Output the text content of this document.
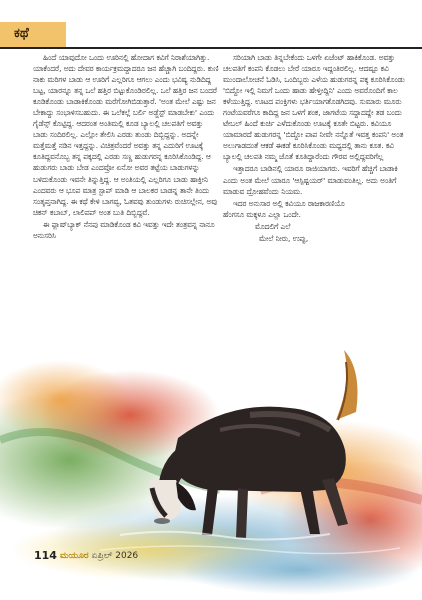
ಕಥೆ

ಹಿಂದೆ ಯಾವುದೋ ಒಂದು ಊರಿನಲ್ಲಿ ಹೋದಾಗ ಕವಿಗೆ ನಿರಾಶೆಯಾಗಿತ್ತು. ಯಾಕೆಂದರೆ, ಅದು ದೇವರ ಕಾರ್ಯಕ್ರಮದ್ದಾದರೂ ಜನ ಹೆಚ್ಚಾಗಿ ಬಂದಿದ್ದರು. ಕುಣಿ ನಾಕು ಮರಿಗಳ ಬಾಡು ಆ ಊರಿಗೆ ಎಲ್ಲರಿಗೂ ಆಗಲು ಎಂದು ಭವಿಷ್ಯ ನುಡಿದಿದ್ದ ಬಟ್ಟ, ಯಾರನ್ನೂ ತನ್ನ ಒಲೆ ಹತ್ತಿರ ಬಿಟ್ಟುಕೊಂಡಿರಲಿಲ್ಲ. ಒಲೆ ಹತ್ತಿರ ಜನ ಬಂದರೆ ಕೂಡಿಕೊಂಡು ಬಾಡಾಕಿಕೊಂಡು ಮರೆಗೋಗಿಬಿಡುತ್ತಾರೆ. 'ಅಂತ ಮೇಲೆ ಎಷ್ಟು ಜನ ಬೇಕಾದ್ದು ಸಂಭಾಳಿಸಬಹುದು. ಈ ಒಲೆಕಲ್ಲೆ ಬರ್ಲಿ ಅಡ್ಜೆಸ್ಟ್ ಮಾಡಬೇಕು' ಎಂದು ಗೈಡೆನ್ಸ್ ಕೊಟ್ಟಿದ್ದ. ಆದರಂತ ಅಂತಿಮಲ್ಲಿ ಕೂಡ ಬ್ಯಾಲಲ್ಲಿ ಚಲಪತಿಗೆ ಅವತ್ತು ಬಾಡು ಸಂದಿರಲಿಲ್ಲ. ಎಲ್ಲೋ ತೇಲಿಸಿ ಎರಡು ತುಂಡು ದಿಬ್ಬಿದ್ದನ್ನು. ಅದನ್ನೇ ಮತ್ತೆಮತ್ತೆ ನಡಿನ ಇತ್ತದ್ದನ್ನು. ವಿಚಿತ್ರವೆಂದರೆ ಅವತ್ತು ತನ್ನ ಎದುರಿಗೆ ಊಟಕ್ಕೆ ಕೂತಿದ್ದವನೊಬ್ಬ ತನ್ನ ಪಕ್ಕದಲ್ಲಿ ಎರಡು ಸಣ್ಣ ಹುಡುಗರನ್ನ ಕೂರಿಸಿಕೊಂಡಿದ್ದ. ಆ ಹುಡುಗರು ಬಾಡು ಬೇಡ ಎಂದವ್ರೋ ಏನೋ ಅವರ ತಟ್ಟೆಯ ಬಾಡುಗಳನ್ನು ಬಳಿದುಕೊಂಡು ಇವನೇ ತಿನ್ನುತ್ತಿದ್ದ. ಆ ಅಂತಿಯಲ್ಲಿ ಎಲ್ಲರಿಗೂ ಬಾಡು ಹಾಕ್ತೀನಿ ಎಂದವರು ಆ ಭೂಪ ಮಾತ್ರ ಸ್ಟಾಪ್ ಮಾಡಿ ಆ ಬಾಲಕರ ಬಾಡನ್ನ ತಾನೇ ತಿಂದು ಸಂತೃಪ್ತನಾಗಿದ್ದ. ಈ ಕಥೆ ಕೇಳಿ ಬಾಗವ್ವ, ಓತವವು ತುಂಡುಗಳು ರುಚಿಸಲ್ಲೇನ, ಅವು ಚಿಕನ್ ಕಬಾಬ್, ಲಾಲಿಪಪ್ ಅಂತ ಬುತಿ ದಿಬ್ಬಿದ್ದವೆ.

ಈ ಫ್ಲಾಷ್‌ಬ್ಯಾಕ್ ನೆನಪು ಮಾಡಿಕೊಂಡ ಕವಿ ಇವತ್ತು ಇದೇ ತಂತ್ರವನ್ನ ನಾನೂ ಅನುಸರಿಸಿ

ಸರಿಯಾಗಿ ಬಾಡು ತಿನ್ನಬೇಕೆಂದು ಒಳಗೇ ಏಜೆಂಟ್ ಹಾಕಿಕೊಂಡ. ಅವತ್ತು ಚಲಪತಿಗೆ ಕಂಪನಿ ಕೊಡಲು ಬೇರೆ ಯಾರೂ ಇದ್ದಂತಿರಲಿಲ್ಲ. ಆದಷ್ಟೂ ಕವಿ ಮುಂದಾಲೋಚನೆ ಓಡಿಸಿ, ಒಂದಿಬ್ಬರು ಎಳೆಯ ಹುಡುಗರನ್ನ ಪಕ್ಕ ಕೂರಿಸಿಕೊಂಡು 'ಬಿದ್ದೋ ಇಲ್ಲಿ ನಿಮಗೆ ಒಂದು ಹಾಡು ಹೇಳ್ತೀದ್ದಿನಿ' ಎಂದು ಅವರೊಂದಿಗೆ ಕಾಲ ಕಳೆಯುತ್ತಿದ್ದ. ಊಟದ ಪಂಕ್ತಿಗಳು ಭರ್ತಿಯಾಗತೊಡಗಿದವು. ಸುಮಾರು ಮೂರು ಗಂಟೆಯವರೆಗೂ ಕಾದಿದ್ದ ಜನ ಒಳಗೆ ಶಂಕ, ಜಾಗಟೆಯ ಸದ್ದಾದದ್ದೇ ತಡ ಬಂದು ಟೇಬಲ್ ಹಿಂದೆ ಕುರ್ಚಿ ಎಳೆದುಕೊಂಡು ಊಟಕ್ಕೆ ಕೂತೇ ಬಿಟ್ಟರು. ಕವಿಯೂ ಯಾಮಾರದೆ ಹುಡುಗರನ್ನ 'ಬಿದ್ದೋ ಪಾಪ ನೀವೇ ನನ್ನೊತೆ ಇವತ್ತ ಕಂಪನಿ' ಅಂತ ಅಲುಗಾಡದಂತೆ ಆಕಡೆ ಈಕಡೆ ಕೂರಿಸಿಕೊಂಡು ಮಧ್ಯದಲ್ಲಿ ತಾನು ಕೂತ. ಕವಿ ಬ್ಯಾಲಲ್ಲಿ ಚಲಪತಿ ನಮ್ಮ ಜೊತೆ ಕೂತಿದ್ದಾರೆಂದು ಗೌರವ ಅಲ್ಲಿದ್ದವರಿಗೆಲ್ಲ

ಇತ್ತಾದರೂ ಬಾಡಿನಲ್ಲಿ ಯಾರೂ ರಾಜಿಯಾಗರು. ಇವರಿಗೆ ಹೆಚ್ಚಿಗೆ ಬಾಡಾಕಿ ಎಂದು ಅಂತ ಮೇಲೆ ಯಾರೂ 'ಆಸ್ಪಿಷ್ಟಯರ್' ಮಾಡುವಂತಿಲ್ಲ. ಅದು ಅಂತಿಗೆ ಮಾಡುವ ದ್ರೋಹವೆಂದು ನಿಯಮ.

ಇದರ ಅನುಸಾರ ಅಲ್ಲಿ ಕವಿಯೂ ರಾಜಕಾರಣಿಯೊ ಹೆಂಗಸೂ ಮಕ್ಕಳೂ ಎಲ್ಲಾ ಒಂದೇ.

ಮೊದಲಿಗೆ ಎಲೆ

ಮೇಲೆ ನೀರು, ಉಪ್ಪು,

114 ಮಯೂರ ಏಪ್ರಿಲ್ 2026
